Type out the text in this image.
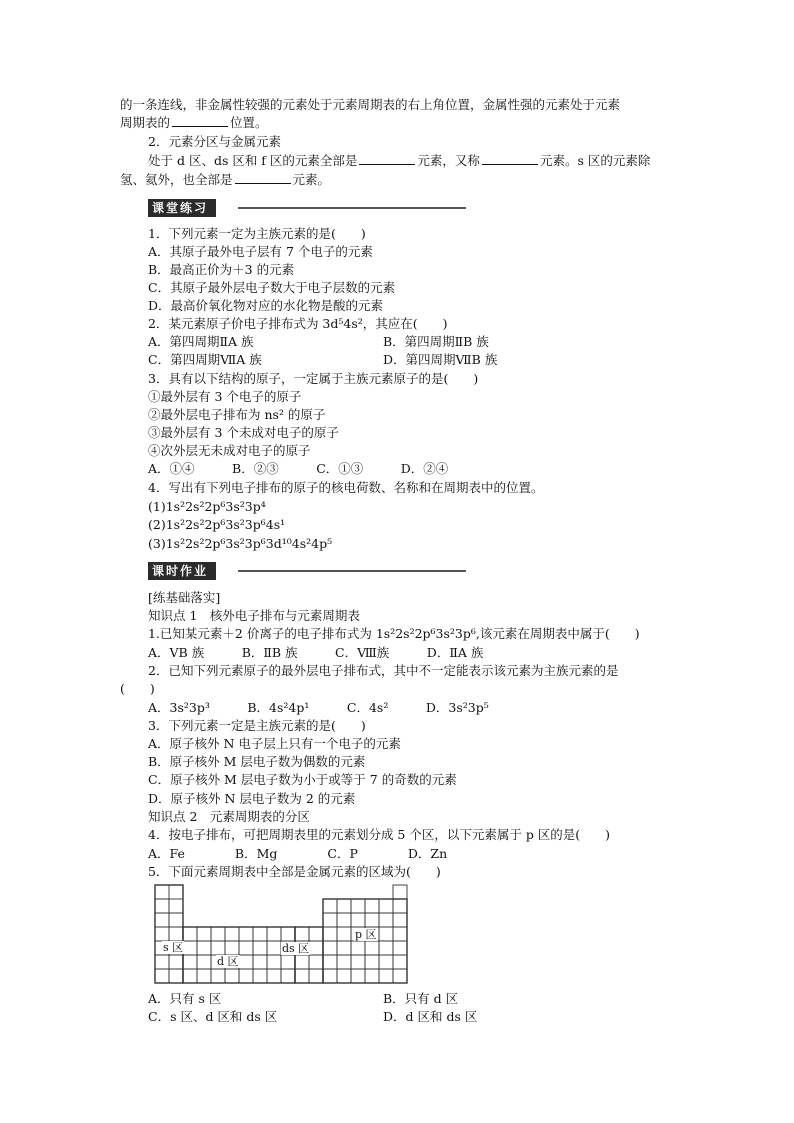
的一条连线，非金属性较强的元素处于元素周期表的右上角位置，金属性强的元素处于元素
周期表的	位置。
2．元素分区与金属元素
处于 d 区、ds 区和 f 区的元素全部是	元素，又称	元素。s 区的元素除
氢、氦外，也全部是	元素。
课堂练习
1．下列元素一定为主族元素的是(　　)
A．其原子最外电子层有 7 个电子的元素
B．最高正价为＋3 的元素
C．其原子最外层电子数大于电子层数的元素
D．最高价氧化物对应的水化物是酸的元素
2．某元素原子价电子排布式为 3d⁵4s²，其应在(　　)
A．第四周期ⅡA 族	B．第四周期ⅡB 族
C．第四周期ⅦA 族	D．第四周期ⅦB 族
3．具有以下结构的原子，一定属于主族元素原子的是(　　)
①最外层有 3 个电子的原子
②最外层电子排布为 ns² 的原子
③最外层有 3 个未成对电子的原子
④次外层无未成对电子的原子
A．①④　　　B．②③　　　C．①③　　　D．②④
4．写出有下列电子排布的原子的核电荷数、名称和在周期表中的位置。
(1)1s²2s²2p⁶3s²3p⁴
(2)1s²2s²2p⁶3s²3p⁶4s¹
(3)1s²2s²2p⁶3s²3p⁶3d¹⁰4s²4p⁵
课时作业
[练基础落实]
知识点 1　核外电子排布与元素周期表
1.已知某元素＋2 价离子的电子排布式为 1s²2s²2p⁶3s²3p⁶,该元素在周期表中属于(　　)
A．ⅤB 族　　　B．ⅡB 族　　　C．Ⅷ族　　　D．ⅡA 族
2．已知下列元素原子的最外层电子排布式，其中不一定能表示该元素为主族元素的是
(　　)
A．3s²3p³　　　B．4s²4p¹　　　C．4s²　　　D．3s²3p⁵
3．下列元素一定是主族元素的是(　　)
A．原子核外 N 电子层上只有一个电子的元素
B．原子核外 M 层电子数为偶数的元素
C．原子核外 M 层电子数为小于或等于 7 的奇数的元素
D．原子核外 N 层电子数为 2 的元素
知识点 2　元素周期表的分区
4．按电子排布，可把周期表里的元素划分成 5 个区，以下元素属于 p 区的是(　　)
A．Fe　　　　B．Mg　　　　C．P　　　　D．Zn
5．下面元素周期表中全部是金属元素的区域为(　　)
s 区
d 区
ds 区
p 区
A．只有 s 区	B．只有 d 区
C．s 区、d 区和 ds 区	D．d 区和 ds 区
